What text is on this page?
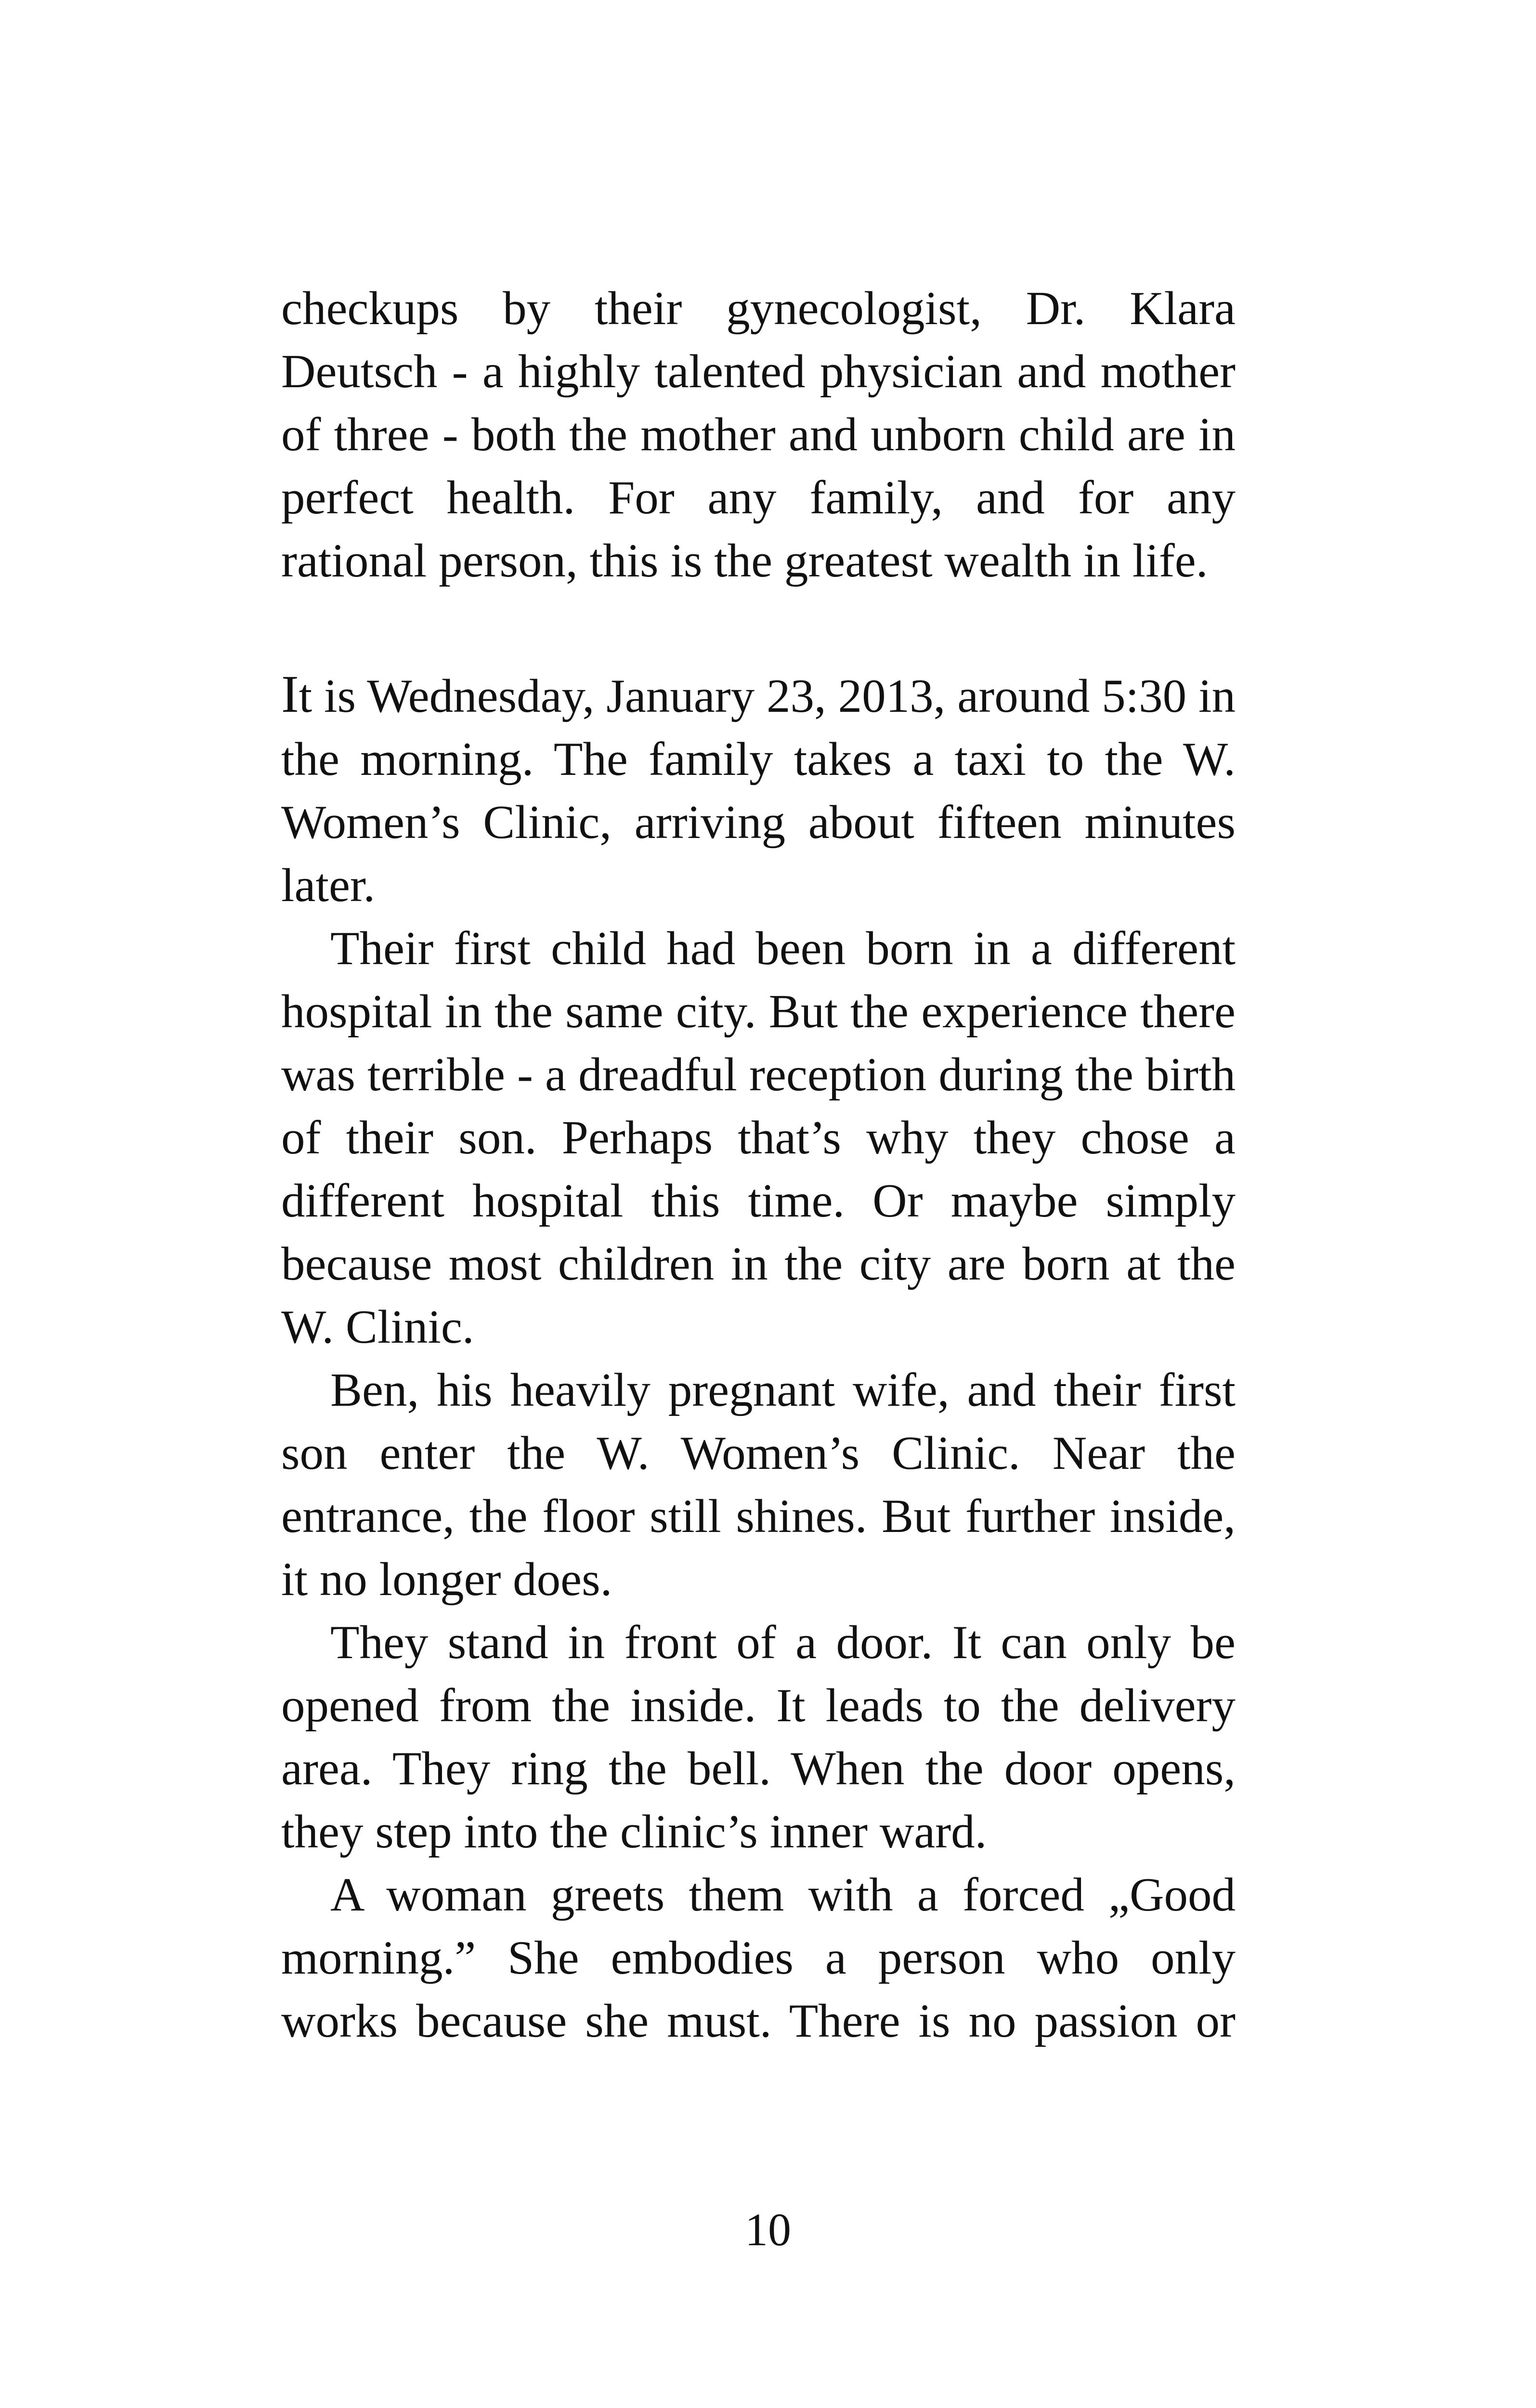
checkups by their gynecologist, Dr. Klara Deutsch - a highly talented physician and mother of three - both the mother and unborn child are in perfect health. For any family, and for any rational person, this is the greatest wealth in life.

It is Wednesday, January 23, 2013, around 5:30 in the morning. The family takes a taxi to the W. Women’s Clinic, arriving about fifteen minutes later.

Their first child had been born in a different hospital in the same city. But the experience there was terrible - a dreadful reception during the birth of their son. Perhaps that’s why they chose a different hospital this time. Or maybe simply because most children in the city are born at the W. Clinic.

Ben, his heavily pregnant wife, and their first son enter the W. Women’s Clinic. Near the entrance, the floor still shines. But further inside, it no longer does.

They stand in front of a door. It can only be opened from the inside. It leads to the delivery area. They ring the bell. When the door opens, they step into the clinic’s inner ward.

A woman greets them with a forced „Good morning.” She embodies a person who only works because she must. There is no passion or

10
